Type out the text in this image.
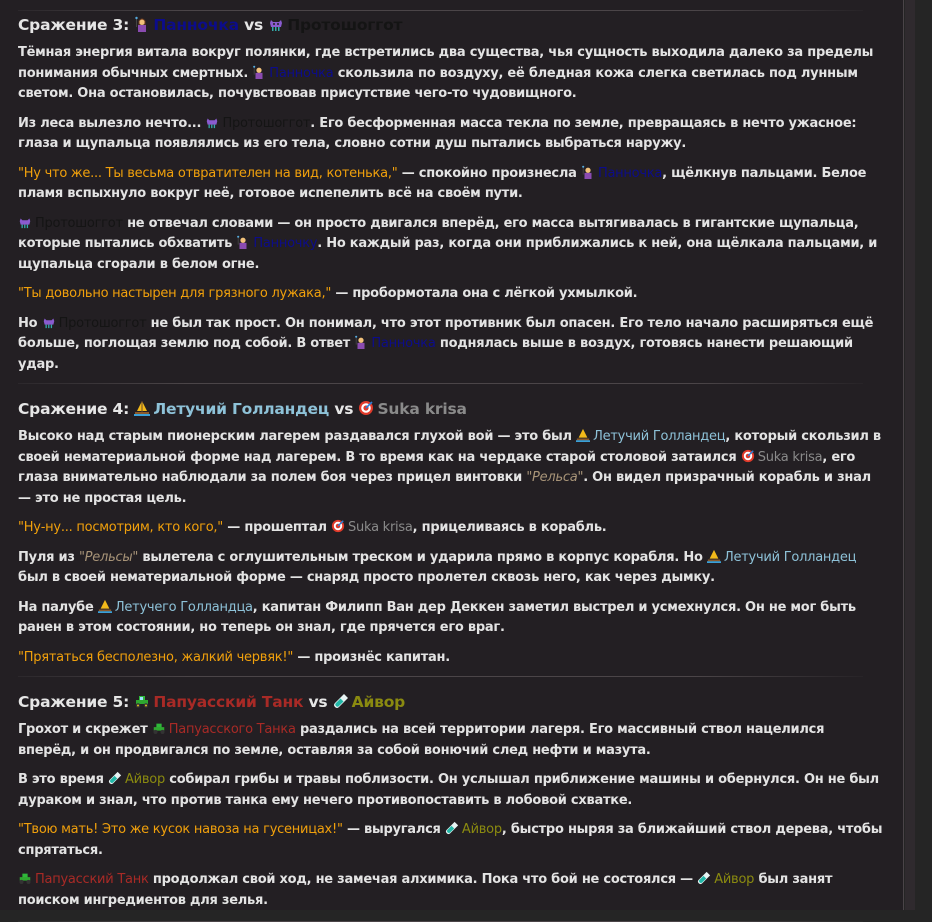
Сражение 3: Панночка vs Протошоггот

Тёмная энергия витала вокруг полянки, где встретились два существа, чья сущность выходила далеко за пределы понимания обычных смертных. Панночка скользила по воздуху, её бледная кожа слегка светилась под лунным светом. Она остановилась, почувствовав присутствие чего-то чудовищного.

Из леса вылезло нечто... Протошоггот. Его бесформенная масса текла по земле, превращаясь в нечто ужасное: глаза и щупальца появлялись из его тела, словно сотни душ пытались выбраться наружу.

"Ну что же... Ты весьма отвратителен на вид, котенька," — спокойно произнесла Панночка, щёлкнув пальцами. Белое пламя вспыхнуло вокруг неё, готовое испепелить всё на своём пути.

Протошоггот не отвечал словами — он просто двигался вперёд, его масса вытягивалась в гигантские щупальца, которые пытались обхватить Панночку. Но каждый раз, когда они приближались к ней, она щёлкала пальцами, и щупальца сгорали в белом огне.

"Ты довольно настырен для грязного лужака," — пробормотала она с лёгкой ухмылкой.

Но Протошоггот не был так прост. Он понимал, что этот противник был опасен. Его тело начало расширяться ещё больше, поглощая землю под собой. В ответ Панночка поднялась выше в воздух, готовясь нанести решающий удар.

Сражение 4: Летучий Голландец vs Suka krisa

Высоко над старым пионерским лагерем раздавался глухой вой — это был Летучий Голландец, который скользил в своей нематериальной форме над лагерем. В то время как на чердаке старой столовой затаился Suka krisa, его глаза внимательно наблюдали за полем боя через прицел винтовки "Рельса". Он видел призрачный корабль и знал — это не простая цель.

"Ну-ну... посмотрим, кто кого," — прошептал Suka krisa, прицеливаясь в корабль.

Пуля из "Рельсы" вылетела с оглушительным треском и ударила прямо в корпус корабля. Но Летучий Голландец был в своей нематериальной форме — снаряд просто пролетел сквозь него, как через дымку.

На палубе Летучего Голландца, капитан Филипп Ван дер Деккен заметил выстрел и усмехнулся. Он не мог быть ранен в этом состоянии, но теперь он знал, где прячется его враг.

"Прятаться бесполезно, жалкий червяк!" — произнёс капитан.

Сражение 5: Папуасский Танк vs Айвор

Грохот и скрежет Папуасского Танка раздались на всей территории лагеря. Его массивный ствол нацелился вперёд, и он продвигался по земле, оставляя за собой вонючий след нефти и мазута.

В это время Айвор собирал грибы и травы поблизости. Он услышал приближение машины и обернулся. Он не был дураком и знал, что против танка ему нечего противопоставить в лобовой схватке.

"Твою мать! Это же кусок навоза на гусеницах!" — выругался Айвор, быстро ныряя за ближайший ствол дерева, чтобы спрятаться.

Папуасский Танк продолжал свой ход, не замечая алхимика. Пока что бой не состоялся — Айвор был занят поиском ингредиентов для зелья.
